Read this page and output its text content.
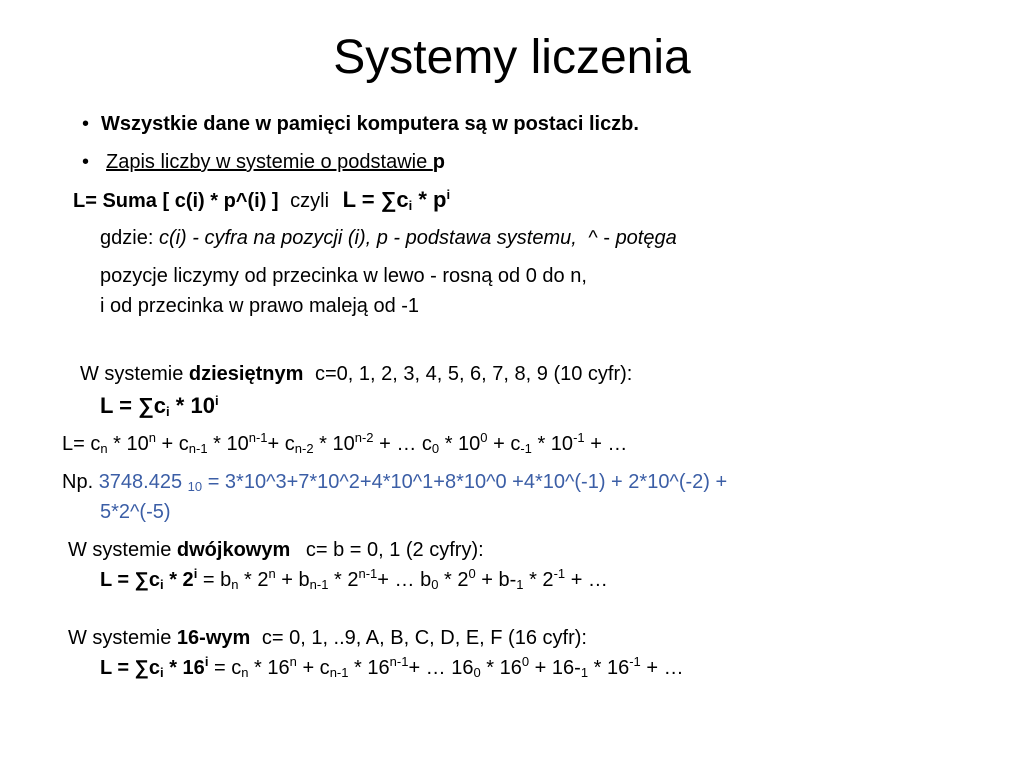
Systemy liczenia
• Wszystkie dane w pamięci komputera są w postaci liczb.
• Zapis liczby w systemie o podstawie p
L= Suma [ c(i) * p^(i) ] czyli $L = \sum c_i * p^i$
gdzie: c(i) - cyfra na pozycji (i), p - podstawa systemu, ^ - potęga
pozycje liczymy od przecinka w lewo - rosną od 0 do n,
i od przecinka w prawo maleją od -1
W systemie dziesiętnym c=0, 1, 2, 3, 4, 5, 6, 7, 8, 9 (10 cyfr):
$L = \sum c_i * 10^i$
$L= c_n * 10^n + c_{n-1} * 10^{n-1}+ c_{n-2} * 10^{n-2}$ + … $c_0 * 10^0 + c_{-1} * 10^{-1}$ + …
Np. 3748.425 $_{10}$ = 3*10^3+7*10^2+4*10^1+8*10^0 +4*10^(-1) + 2*10^(-2) +
5*2^(-5)
W systemie dwójkowym c= b = 0, 1 (2 cyfry):
$L = \sum c_i * 2^i = b_n * 2^n + b_{n-1} * 2^{n-1}+$ … $b_0 * 2^0 + b-_1 * 2^{-1}$ + …
W systemie 16-wym c= 0, 1, ..9, A, B, C, D, E, F (16 cyfr):
$L = \sum c_i * 16^i = c_n * 16^n + c_{n-1} * 16^{n-1}+$ … $16_0 * 16^0 + 16-_1 * 16^{-1}$ + …
